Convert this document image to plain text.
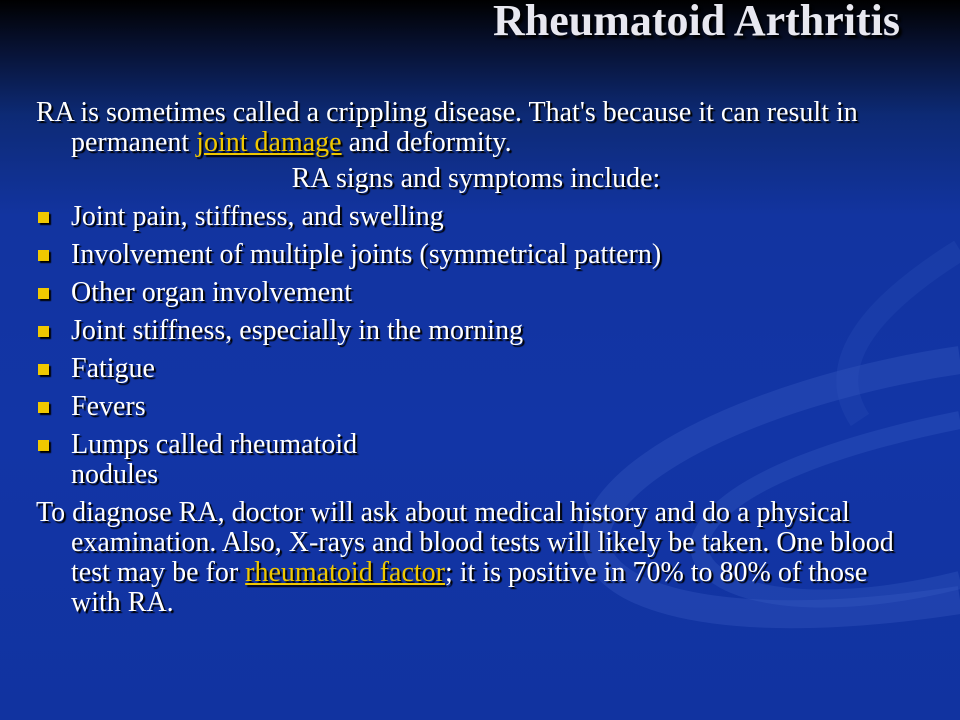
Rheumatoid Arthritis

RA is sometimes called a crippling disease. That's because it can result in permanent joint damage and deformity.

RA signs and symptoms include:

Joint pain, stiffness, and swelling
Involvement of multiple joints (symmetrical pattern)
Other organ involvement
Joint stiffness, especially in the morning
Fatigue
Fevers
Lumps called rheumatoid nodules

To diagnose RA, doctor will ask about medical history and do a physical examination. Also, X-rays and blood tests will likely be taken. One blood test may be for rheumatoid factor; it is positive in 70% to 80% of those with RA.
